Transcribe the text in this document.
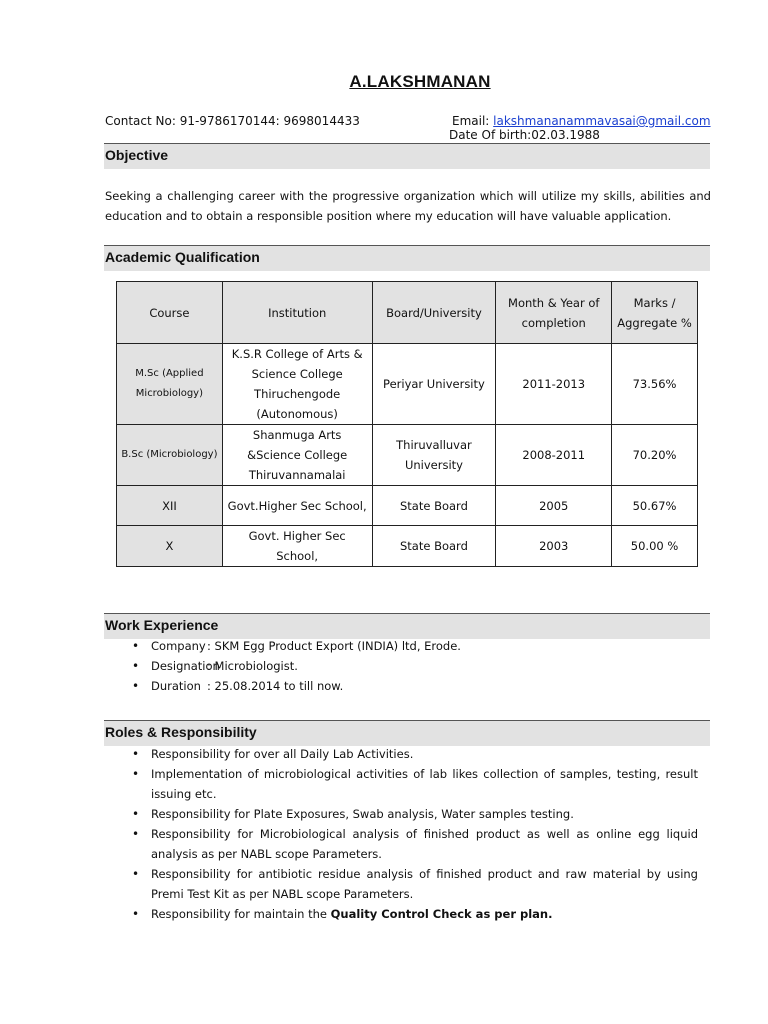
A.LAKSHMANAN
Contact No: 91-9786170144: 9698014433	Email: lakshmananammavasai@gmail.com
Date Of birth:02.03.1988
Objective
Seeking a challenging career with the progressive organization which will utilize my skills, abilities and education and to obtain a responsible position where my education will have valuable application.
Academic Qualification
Course	Institution	Board/University	Month & Year of completion	Marks / Aggregate %
M.Sc (Applied Microbiology)	K.S.R College of Arts & Science College Thiruchengode (Autonomous)	Periyar University	2011-2013	73.56%
B.Sc (Microbiology)	Shanmuga Arts &Science College Thiruvannamalai	Thiruvalluvar University	2008-2011	70.20%
XII	Govt.Higher Sec School,	State Board	2005	50.67%
X	Govt. Higher Sec School,	State Board	2003	50.00 %
Work Experience
• Company: SKM Egg Product Export (INDIA) ltd, Erode.
• Designation: Microbiologist.
• Duration : 25.08.2014 to till now.
Roles & Responsibility
• Responsibility for over all Daily Lab Activities.
• Implementation of microbiological activities of lab likes collection of samples, testing, result issuing etc.
• Responsibility for Plate Exposures, Swab analysis, Water samples testing.
• Responsibility for Microbiological analysis of finished product as well as online egg liquid analysis as per NABL scope Parameters.
• Responsibility for antibiotic residue analysis of finished product and raw material by using Premi Test Kit as per NABL scope Parameters.
• Responsibility for maintain the Quality Control Check as per plan.
